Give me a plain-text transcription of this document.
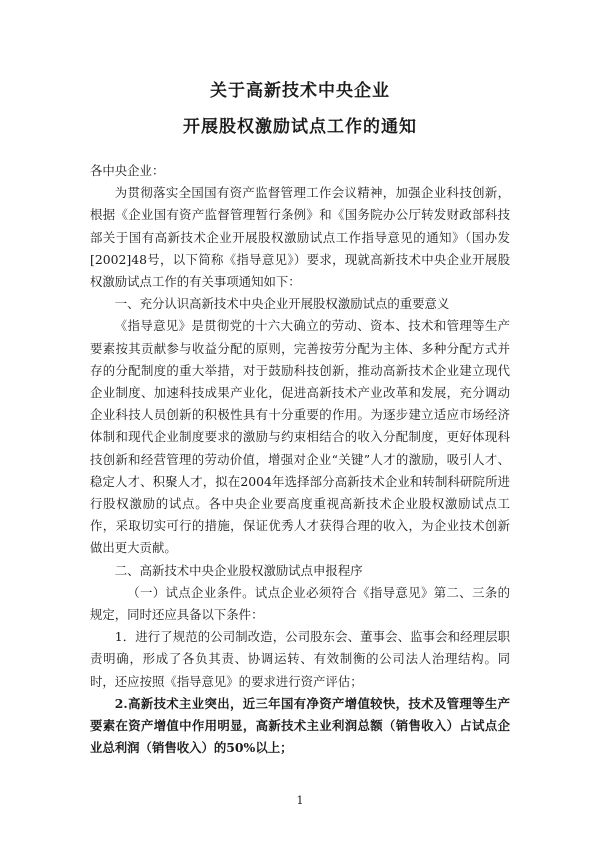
关于高新技术中央企业
开展股权激励试点工作的通知

各中央企业：

为贯彻落实全国国有资产监督管理工作会议精神，加强企业科技创新，根据《企业国有资产监督管理暂行条例》和《国务院办公厅转发财政部科技部关于国有高新技术企业开展股权激励试点工作指导意见的通知》（国办发[2002]48号，以下简称《指导意见》）要求，现就高新技术中央企业开展股权激励试点工作的有关事项通知如下：

一、充分认识高新技术中央企业开展股权激励试点的重要意义

《指导意见》是贯彻党的十六大确立的劳动、资本、技术和管理等生产要素按其贡献参与收益分配的原则，完善按劳分配为主体、多种分配方式并存的分配制度的重大举措，对于鼓励科技创新，推动高新技术企业建立现代企业制度、加速科技成果产业化，促进高新技术产业改革和发展，充分调动企业科技人员创新的积极性具有十分重要的作用。为逐步建立适应市场经济体制和现代企业制度要求的激励与约束相结合的收入分配制度，更好体现科技创新和经营管理的劳动价值，增强对企业“关键”人才的激励，吸引人才、稳定人才、积聚人才，拟在2004年选择部分高新技术企业和转制科研院所进行股权激励的试点。各中央企业要高度重视高新技术企业股权激励试点工作，采取切实可行的措施，保证优秀人才获得合理的收入，为企业技术创新做出更大贡献。

二、高新技术中央企业股权激励试点申报程序

（一）试点企业条件。试点企业必须符合《指导意见》第二、三条的规定，同时还应具备以下条件：

1．进行了规范的公司制改造，公司股东会、董事会、监事会和经理层职责明确，形成了各负其责、协调运转、有效制衡的公司法人治理结构。同时，还应按照《指导意见》的要求进行资产评估；

2.高新技术主业突出，近三年国有净资产增值较快，技术及管理等生产要素在资产增值中作用明显，高新技术主业利润总额（销售收入）占试点企业总利润（销售收入）的50%以上；

1
